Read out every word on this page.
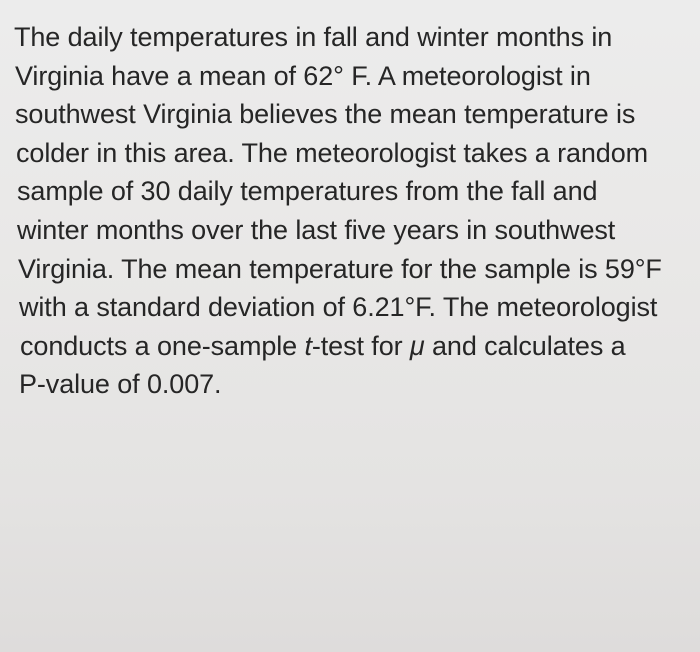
The daily temperatures in fall and winter months in
Virginia have a mean of 62° F. A meteorologist in
southwest Virginia believes the mean temperature is
colder in this area. The meteorologist takes a random
sample of 30 daily temperatures from the fall and
winter months over the last five years in southwest
Virginia. The mean temperature for the sample is 59°F
with a standard deviation of 6.21°F. The meteorologist
conducts a one-sample t-test for μ and calculates a
P-value of 0.007.
